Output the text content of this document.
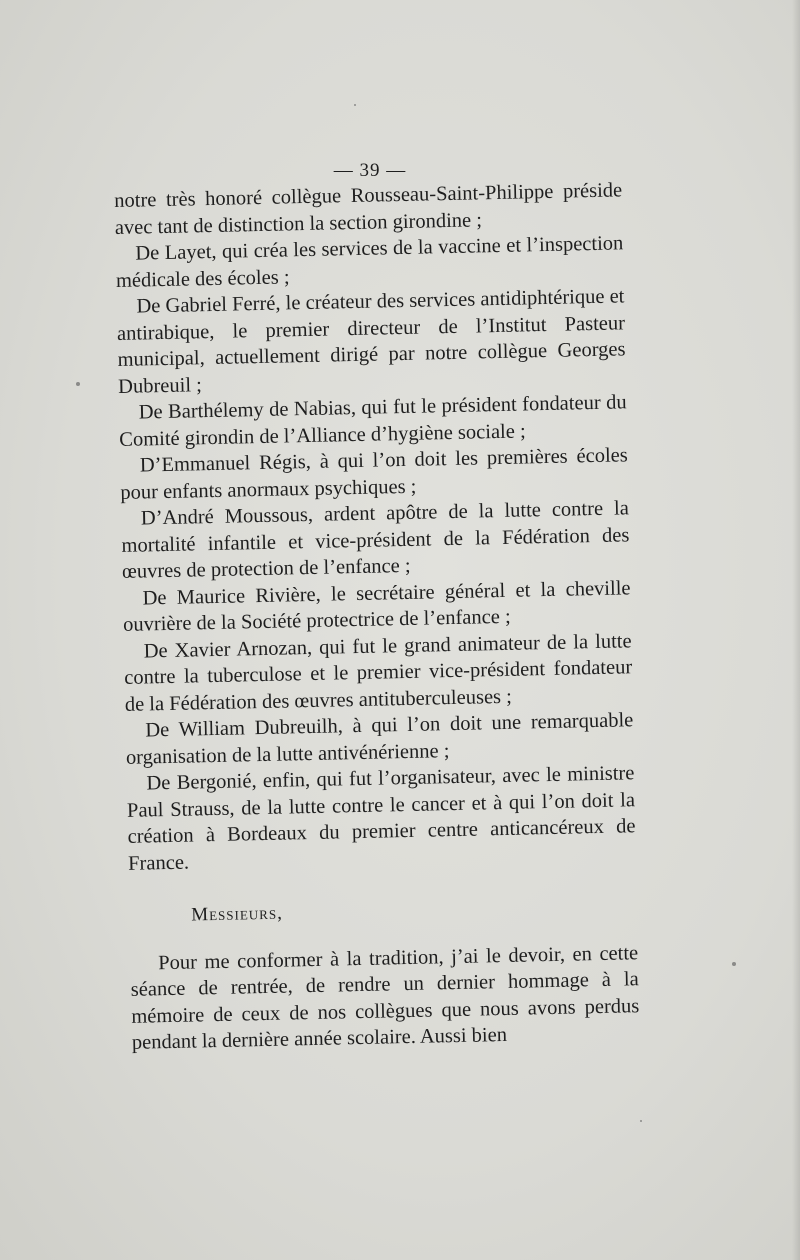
— 39 —

notre très honoré collègue Rousseau-Saint-Philippe préside avec tant de distinction la section girondine ;

De Layet, qui créa les services de la vaccine et l’inspection médicale des écoles ;

De Gabriel Ferré, le créateur des services antidiphtérique et antirabique, le premier directeur de l’Institut Pasteur municipal, actuellement dirigé par notre collègue Georges Dubreuil ;

De Barthélemy de Nabias, qui fut le président fondateur du Comité girondin de l’Alliance d’hygiène sociale ;

D’Emmanuel Régis, à qui l’on doit les premières écoles pour enfants anormaux psychiques ;

D’André Moussous, ardent apôtre de la lutte contre la mortalité infantile et vice-président de la Fédération des œuvres de protection de l’enfance ;

De Maurice Rivière, le secrétaire général et la cheville ouvrière de la Société protectrice de l’enfance ;

De Xavier Arnozan, qui fut le grand animateur de la lutte contre la tuberculose et le premier vice-président fondateur de la Fédération des œuvres antituberculeuses ;

De William Dubreuilh, à qui l’on doit une remarquable organisation de la lutte antivénérienne ;

De Bergonié, enfin, qui fut l’organisateur, avec le ministre Paul Strauss, de la lutte contre le cancer et à qui l’on doit la création à Bordeaux du premier centre anticancéreux de France.

Messieurs,

Pour me conformer à la tradition, j’ai le devoir, en cette séance de rentrée, de rendre un dernier hommage à la mémoire de ceux de nos collègues que nous avons perdus pendant la dernière année scolaire. Aussi bien
